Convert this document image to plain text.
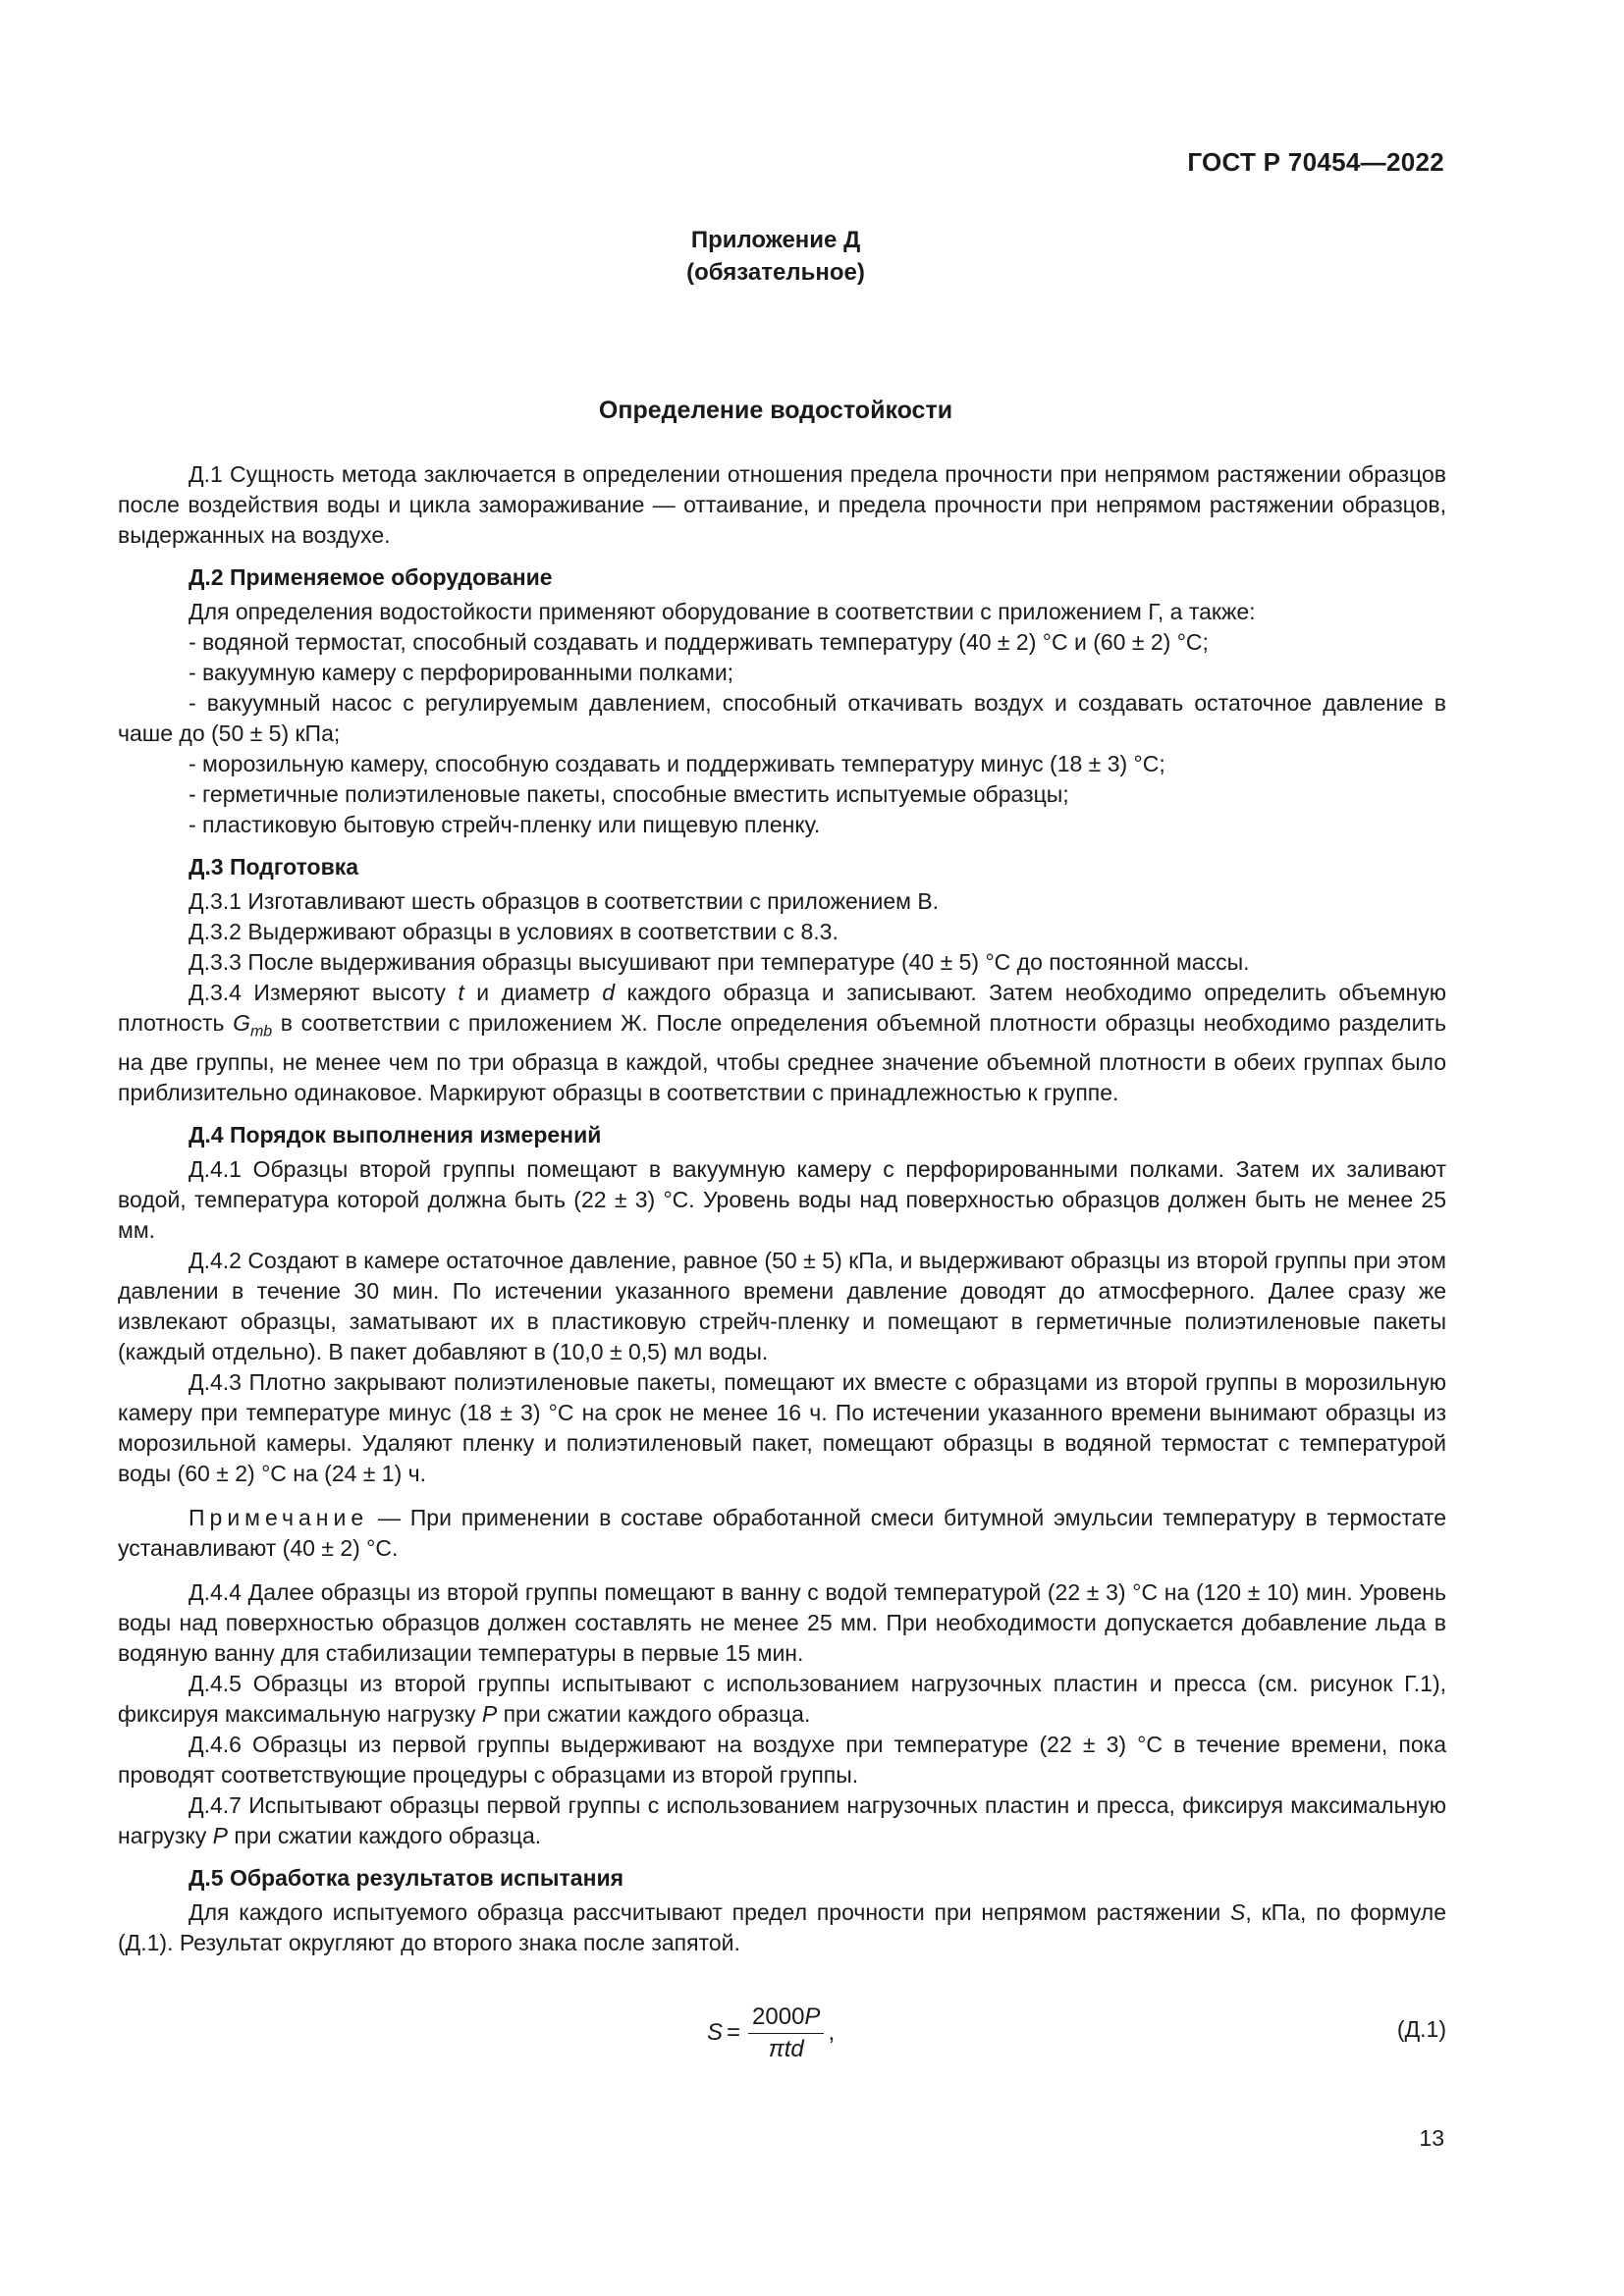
ГОСТ Р 70454—2022
Приложение Д
(обязательное)
Определение водостойкости

Д.1 Сущность метода заключается в определении отношения предела прочности при непрямом растяжении образцов после воздействия воды и цикла замораживание — оттаивание, и предела прочности при непрямом растяжении образцов, выдержанных на воздухе.

Д.2 Применяемое оборудование

Для определения водостойкости применяют оборудование в соответствии с приложением Г, а также:

- водяной термостат, способный создавать и поддерживать температуру (40 ± 2) °С и (60 ± 2) °С;

- вакуумную камеру с перфорированными полками;

- вакуумный насос с регулируемым давлением, способный откачивать воздух и создавать остаточное давление в чаше до (50 ± 5) кПа;

- морозильную камеру, способную создавать и поддерживать температуру минус (18 ± 3) °С;

- герметичные полиэтиленовые пакеты, способные вместить испытуемые образцы;

- пластиковую бытовую стрейч-пленку или пищевую пленку.

Д.3 Подготовка

Д.3.1 Изготавливают шесть образцов в соответствии с приложением В.

Д.3.2 Выдерживают образцы в условиях в соответствии с 8.3.

Д.3.3 После выдерживания образцы высушивают при температуре (40 ± 5) °С до постоянной массы.

Д.3.4 Измеряют высоту t и диаметр d каждого образца и записывают. Затем необходимо определить объемную плотность $G_{mb}$ в соответствии с приложением Ж. После определения объемной плотности образцы необходимо разделить на две группы, не менее чем по три образца в каждой, чтобы среднее значение объемной плотности в обеих группах было приблизительно одинаковое. Маркируют образцы в соответствии с принадлежностью к группе.

Д.4 Порядок выполнения измерений

Д.4.1 Образцы второй группы помещают в вакуумную камеру с перфорированными полками. Затем их заливают водой, температура которой должна быть (22 ± 3) °С. Уровень воды над поверхностью образцов должен быть не менее 25 мм.

Д.4.2 Создают в камере остаточное давление, равное (50 ± 5) кПа, и выдерживают образцы из второй группы при этом давлении в течение 30 мин. По истечении указанного времени давление доводят до атмосферного. Далее сразу же извлекают образцы, заматывают их в пластиковую стрейч-пленку и помещают в герметичные полиэтиленовые пакеты (каждый отдельно). В пакет добавляют в (10,0 ± 0,5) мл воды.

Д.4.3 Плотно закрывают полиэтиленовые пакеты, помещают их вместе с образцами из второй группы в морозильную камеру при температуре минус (18 ± 3) °С на срок не менее 16 ч. По истечении указанного времени вынимают образцы из морозильной камеры. Удаляют пленку и полиэтиленовый пакет, помещают образцы в водяной термостат с температурой воды (60 ± 2) °С на (24 ± 1) ч.

Примечание — При применении в составе обработанной смеси битумной эмульсии температуру в термостате устанавливают (40 ± 2) °С.

Д.4.4 Далее образцы из второй группы помещают в ванну с водой температурой (22 ± 3) °С на (120 ± 10) мин. Уровень воды над поверхностью образцов должен составлять не менее 25 мм. При необходимости допускается добавление льда в водяную ванну для стабилизации температуры в первые 15 мин.

Д.4.5 Образцы из второй группы испытывают с использованием нагрузочных пластин и пресса (см. рисунок Г.1), фиксируя максимальную нагрузку P при сжатии каждого образца.

Д.4.6 Образцы из первой группы выдерживают на воздухе при температуре (22 ± 3) °С в течение времени, пока проводят соответствующие процедуры с образцами из второй группы.

Д.4.7 Испытывают образцы первой группы с использованием нагрузочных пластин и пресса, фиксируя максимальную нагрузку P при сжатии каждого образца.

Д.5 Обработка результатов испытания

Для каждого испытуемого образца рассчитывают предел прочности при непрямом растяжении S, кПа, по формуле (Д.1). Результат округляют до второго знака после запятой.

$S = \frac{2000P}{\text{πtd}}$ ,	(Д.1)
13
